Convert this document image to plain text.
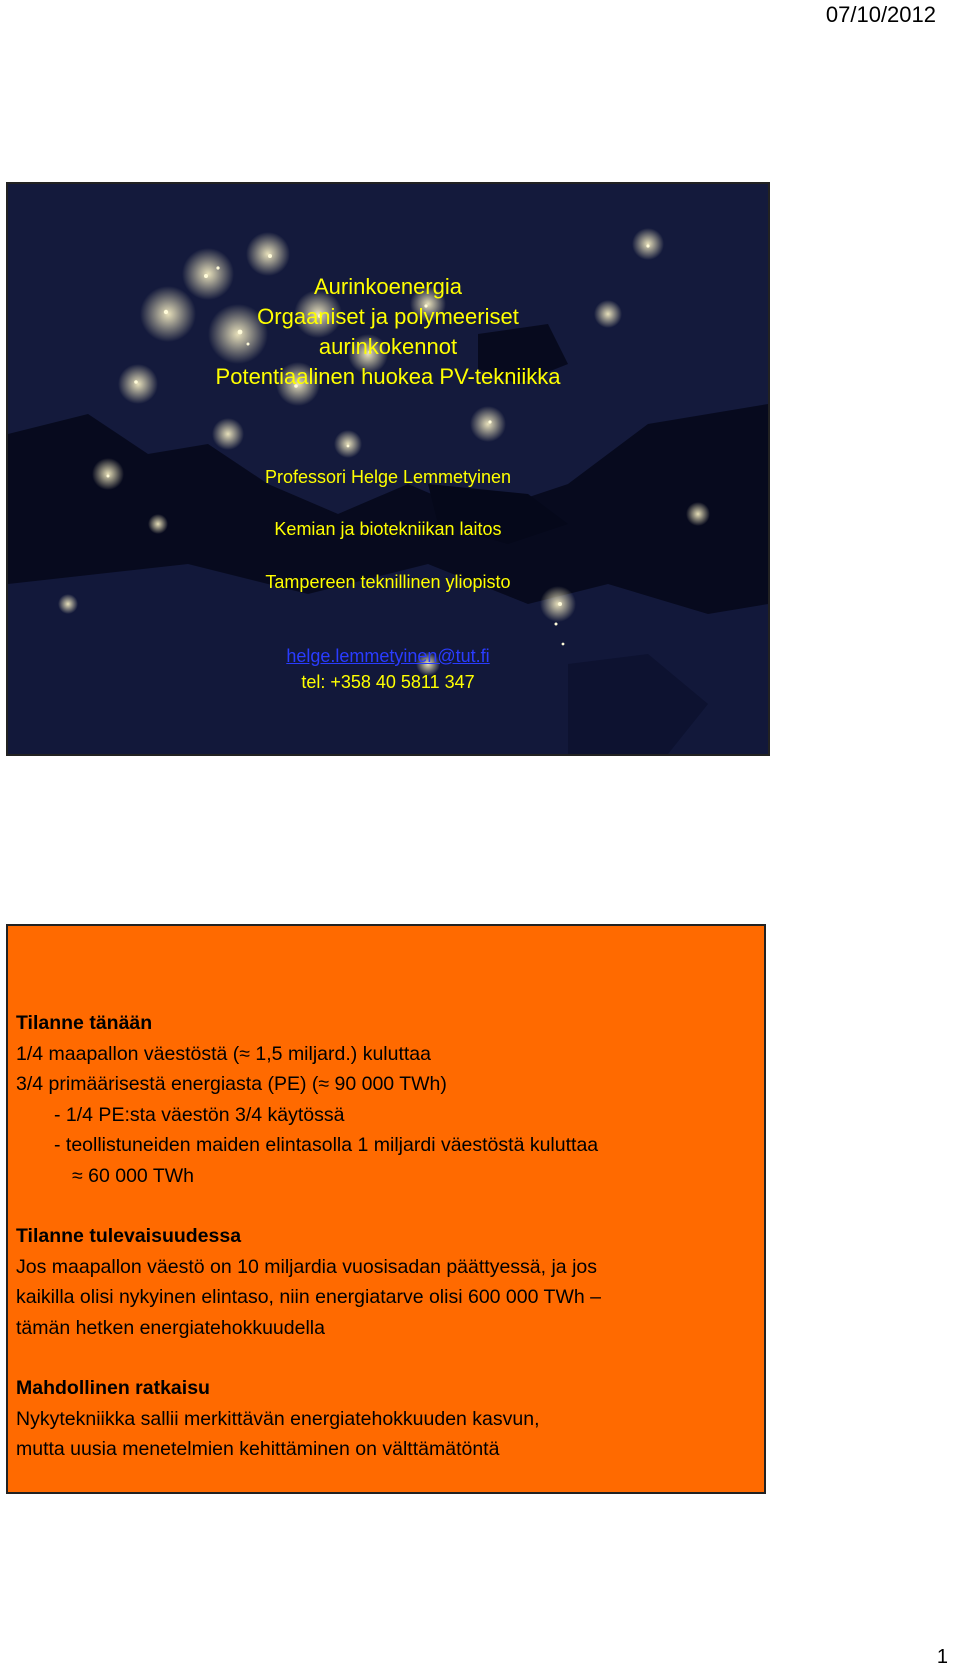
07/10/2012
Aurinkoenergia
Orgaaniset ja polymeeriset
aurinkokennot
Potentiaalinen huokea PV-tekniikka
Professori Helge Lemmetyinen
Kemian ja biotekniikan laitos
Tampereen teknillinen yliopisto
helge.lemmetyinen@tut.fi
tel: +358 40 5811 347
Tilanne tänään
1/4 maapallon väestöstä (≈ 1,5 miljard.) kuluttaa
3/4 primäärisestä energiasta (PE) (≈ 90 000 TWh)
- 1/4 PE:sta väestön 3/4 käytössä
- teollistuneiden maiden elintasolla 1 miljardi väestöstä kuluttaa
≈ 60 000 TWh
Tilanne tulevaisuudessa
Jos maapallon väestö on 10 miljardia vuosisadan päättyessä, ja jos
kaikilla olisi nykyinen elintaso, niin energiatarve olisi 600 000 TWh –
tämän hetken energiatehokkuudella
Mahdollinen ratkaisu
Nykytekniikka sallii merkittävän energiatehokkuuden kasvun,
mutta uusia menetelmien kehittäminen on välttämätöntä
1
